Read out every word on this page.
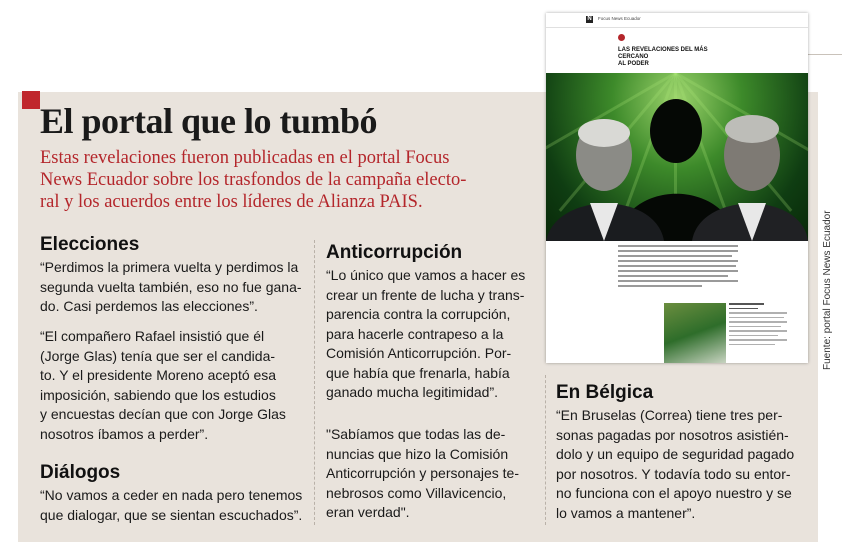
El portal que lo tumbó

Estas revelaciones fueron publicadas en el portal Focus
News Ecuador sobre los trasfondos de la campaña electo-
ral y los acuerdos entre los líderes de Alianza PAIS.

Elecciones

“Perdimos la primera vuelta y perdimos la
segunda vuelta también, eso no fue gana-
do. Casi perdemos las elecciones”.

“El compañero Rafael insistió que él
(Jorge Glas) tenía que ser el candida-
to. Y el presidente Moreno aceptó esa
imposición, sabiendo que los estudios
y encuestas decían que con Jorge Glas
nosotros íbamos a perder”.

Diálogos

“No vamos a ceder en nada pero tenemos
que dialogar, que se sientan escuchados”.

Anticorrupción

“Lo único que vamos a hacer es
crear un frente de lucha y trans-
parencia contra la corrupción,
para hacerle contrapeso a la
Comisión Anticorrupción. Por-
que había que frenarla, había
ganado mucha legitimidad”.

"Sabíamos que todas las de-
nuncias que hizo la Comisión
Anticorrupción y personajes te-
nebrosos como Villavicencio,
eran verdad".

En Bélgica

“En Bruselas (Correa) tiene tres per-
sonas pagadas por nosotros asistién-
dolo y un equipo de seguridad pagado
por nosotros. Y todavía todo su entor-
no funciona con el apoyo nuestro y se
lo vamos a mantener”.

N Focus News Ecuador

LAS REVELACIONES DEL MÁS CERCANO
AL PODER

Fuente: portal Focus News Ecuador
